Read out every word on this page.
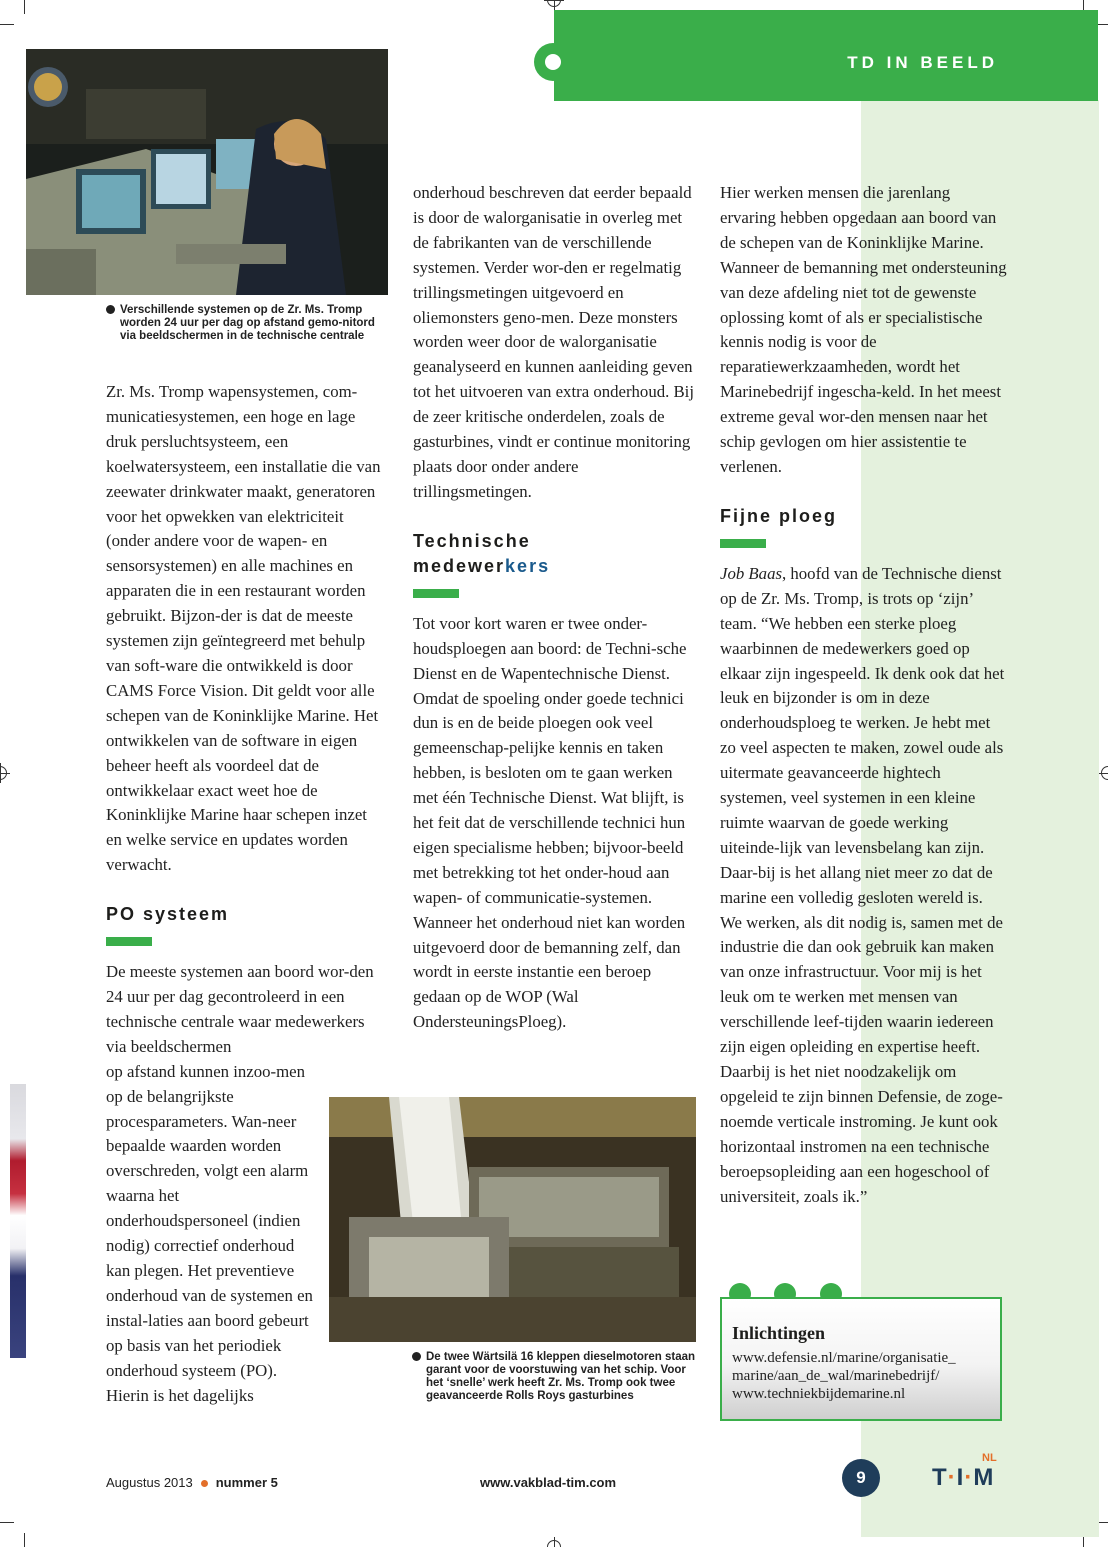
TD IN BEELD
Verschillende systemen op de Zr. Ms. Tromp worden 24 uur per dag op afstand gemo-nitord via beeldschermen in de technische centrale
De twee Wärtsilä 16 kleppen dieselmotoren staan garant voor de voorstuwing van het schip. Voor het ‘snelle’ werk heeft Zr. Ms. Tromp ook twee geavanceerde Rolls Roys gasturbines

Zr. Ms. Tromp wapensystemen, com-municatiesystemen, een hoge en lage druk persluchtsysteem, een koelwatersysteem, een installatie die van zeewater drinkwater maakt, generatoren voor het opwekken van elektriciteit (onder andere voor de wapen- en sensorsystemen) en alle machines en apparaten die in een restaurant worden gebruikt. Bijzon-der is dat de meeste systemen zijn geïntegreerd met behulp van soft-ware die ontwikkeld is door CAMS Force Vision. Dit geldt voor alle schepen van de Koninklijke Marine. Het ontwikkelen van de software in eigen beheer heeft als voordeel dat de ontwikkelaar exact weet hoe de Koninklijke Marine haar schepen inzet en welke service en updates worden verwacht.

PO systeem

De meeste systemen aan boord wor-den 24 uur per dag gecontroleerd in een technische centrale waar medewerkers via beeldschermen

op afstand kunnen inzoo-men op de belangrijkste procesparameters. Wan-neer bepaalde waarden worden overschreden, volgt een alarm waarna het onderhoudspersoneel (indien nodig) correctief onderhoud kan plegen. Het preventieve onderhoud van de systemen en instal-laties aan boord gebeurt op basis van het periodiek onderhoud systeem (PO). Hierin is het dagelijks

onderhoud beschreven dat eerder bepaald is door de walorganisatie in overleg met de fabrikanten van de verschillende systemen. Verder wor-den er regelmatig trillingsmetingen uitgevoerd en oliemonsters geno-men. Deze monsters worden weer door de walorganisatie geanalyseerd en kunnen aanleiding geven tot het uitvoeren van extra onderhoud. Bij de zeer kritische onderdelen, zoals de gasturbines, vindt er continue monitoring plaats door onder andere trillingsmetingen.

Technische
medewerkers

Tot voor kort waren er twee onder-houdsploegen aan boord: de Techni-sche Dienst en de Wapentechnische Dienst. Omdat de spoeling onder goede technici dun is en de beide ploegen ook veel gemeenschap-pelijke kennis en taken hebben, is besloten om te gaan werken met één Technische Dienst. Wat blijft, is het feit dat de verschillende technici hun eigen specialisme hebben; bijvoor-beeld met betrekking tot het onder-houd aan wapen- of communicatie-systemen. Wanneer het onderhoud niet kan worden uitgevoerd door de bemanning zelf, dan wordt in eerste instantie een beroep gedaan op de WOP (Wal OndersteuningsPloeg).

Hier werken mensen die jarenlang ervaring hebben opgedaan aan boord van de schepen van de Koninklijke Marine. Wanneer de bemanning met ondersteuning van deze afdeling niet tot de gewenste oplossing komt of als er specialistische kennis nodig is voor de reparatiewerkzaamheden, wordt het Marinebedrijf ingescha-keld. In het meest extreme geval wor-den mensen naar het schip gevlogen om hier assistentie te verlenen.

Fijne ploeg

Job Baas, hoofd van de Technische dienst op de Zr. Ms. Tromp, is trots op ‘zijn’ team. “We hebben een sterke ploeg waarbinnen de medewerkers goed op elkaar zijn ingespeeld. Ik denk ook dat het leuk en bijzonder is om in deze onderhoudsploeg te werken. Je hebt met zo veel aspecten te maken, zowel oude als uitermate geavanceerde hightech systemen, veel systemen in een kleine ruimte waarvan de goede werking uiteinde-lijk van levensbelang kan zijn. Daar-bij is het allang niet meer zo dat de marine een volledig gesloten wereld is. We werken, als dit nodig is, samen met de industrie die dan ook gebruik kan maken van onze infrastructuur. Voor mij is het leuk om te werken met mensen van verschillende leef-tijden waarin iedereen zijn eigen opleiding en expertise heeft. Daarbij is het niet noodzakelijk om opgeleid te zijn binnen Defensie, de zoge-noemde verticale instroming. Je kunt ook horizontaal instromen na een technische beroepsopleiding aan een hogeschool of universiteit, zoals ik.”

Inlichtingen
www.defensie.nl/marine/organisatie_
marine/aan_de_wal/marinebedrijf/
www.techniekbijdemarine.nl
Augustus 2013 nummer 5	www.vakblad-tim.com	9
NL
T·I·M
